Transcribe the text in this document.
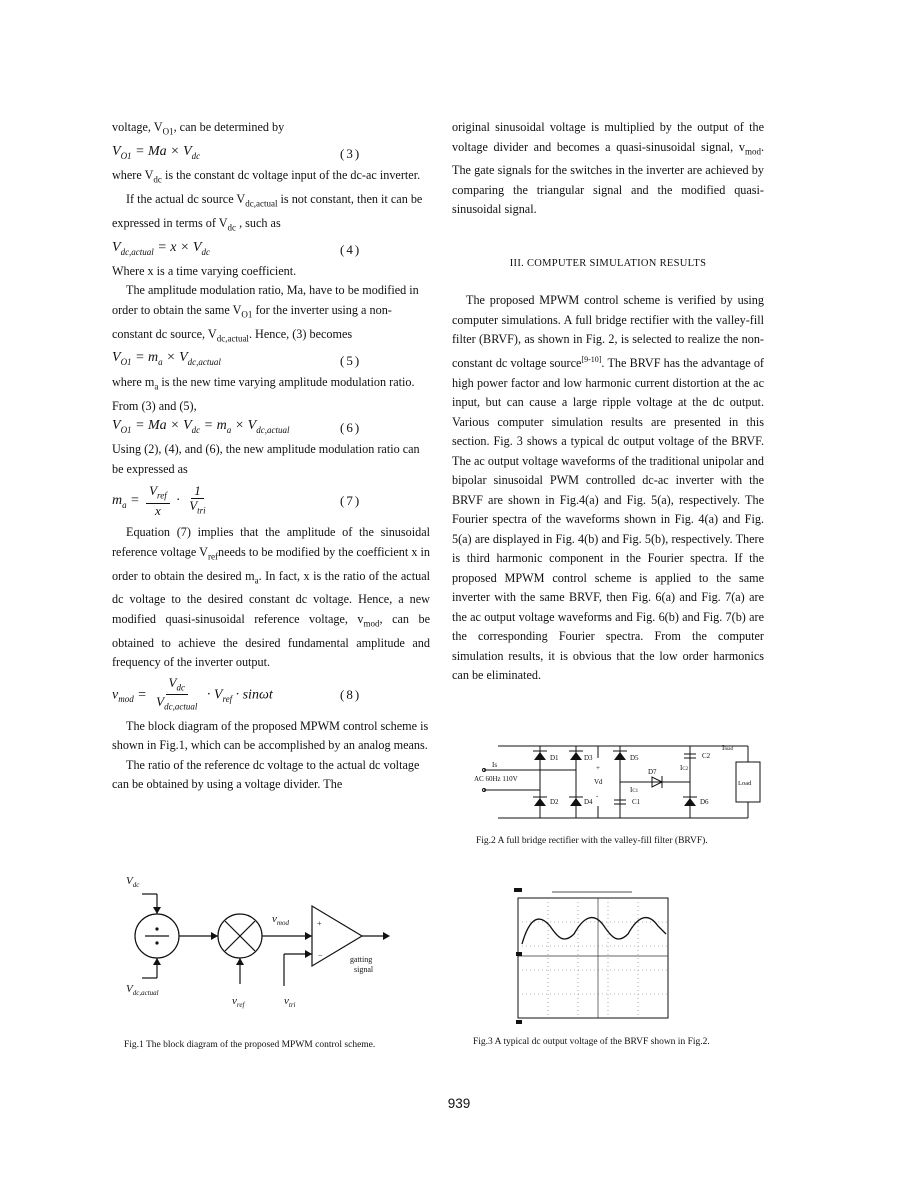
voltage, $V_{O1}$, can be determined by

$V_{O1} = Ma \times V_{dc}$	(3)

where $V_{dc}$ is the constant dc voltage input of the dc-ac inverter.

If the actual dc source $V_{dc,actual}$ is not constant, then it can be expressed in terms of $V_{dc}$ , such as

$V_{dc,actual} = x \times V_{dc}$	(4)

Where x is a time varying coefficient.

The amplitude modulation ratio, Ma, have to be modified in order to obtain the same $V_{O1}$ for the inverter using a non-constant dc source, $V_{dc,actual}$. Hence, (3) becomes

$V_{O1} = m_a \times V_{dc,actual}$	(5)

where $m_a$ is the new time varying amplitude modulation ratio. From (3) and (5),

$V_{O1} = Ma \times V_{dc} = m_a \times V_{dc,actual}$	(6)

Using (2), (4), and (6), the new amplitude modulation ratio can be expressed as

$m_a = \frac{V_{ref}}{x} \cdot \frac{1}{V_{tri}}$	(7)

Equation (7) implies that the amplitude of the sinusoidal reference voltage $V_{ref}needs$ to be modified by the coefficient x in order to obtain the desired $m_a$. In fact, x is the ratio of the actual dc voltage to the desired constant dc voltage. Hence, a new modified quasi-sinusoidal reference voltage, $v_{mod}$, can be obtained to achieve the desired fundamental amplitude and frequency of the inverter output.

$v_{mod} = \frac{V_{dc}}{V_{dc,actual}} \cdot V_{ref} \cdot \sin\omega t$	(8)

The block diagram of the proposed MPWM control scheme is shown in Fig.1, which can be accomplished by an analog means.

The ratio of the reference dc voltage to the actual dc voltage can be obtained by using a voltage divider. The

original sinusoidal voltage is multiplied by the output of the voltage divider and becomes a quasi-sinusoidal signal, $v_{mod}$. The gate signals for the switches in the inverter are achieved by comparing the triangular signal and the modified quasi-sinusoidal signal.

III. COMPUTER SIMULATION RESULTS

The proposed MPWM control scheme is verified by using computer simulations. A full bridge rectifier with the valley-fill filter (BRVF), as shown in Fig. 2, is selected to realize the non-constant dc voltage source[9-10]. The BRVF has the advantage of high power factor and low harmonic current distortion at the ac input, but can cause a large ripple voltage at the dc output. Various computer simulation results are presented in this section. Fig. 3 shows a typical dc output voltage of the BRVF. The ac output voltage waveforms of the traditional unipolar and bipolar sinusoidal PWM controlled dc-ac inverter with the BRVF are shown in Fig.4(a) and Fig. 5(a), respectively. The Fourier spectra of the waveforms shown in Fig. 4(a) and Fig. 5(a) are displayed in Fig. 4(b) and Fig. 5(b), respectively. There is third harmonic component in the Fourier spectra. If the proposed MPWM control scheme is applied to the same inverter with the same BRVF, then Fig. 6(a) and Fig. 7(a) are the ac output voltage waveforms and Fig. 6(b) and Fig. 7(b) are the corresponding Fourier spectra. From the computer simulation results, it is obvious that the low order harmonics can be eliminated.

D1	D3	D5
D2	D4	D6
D7
C1
C2
Is
AC 60Hz 110V	Vd
+
-
IC2
IC1
Iload
Load
Fig.2 A full bridge rectifier with the valley-fill filter (BRVF).
$V_{dc}$
$V_{dc,actual}$
$v_{mod}$
$v_{ref}$	$v_{tri}$
+
−	gatting
signal
Fig.1 The block diagram of the proposed MPWM control scheme.	Fig.3 A typical dc output voltage of the BRVF shown in Fig.2.
939
